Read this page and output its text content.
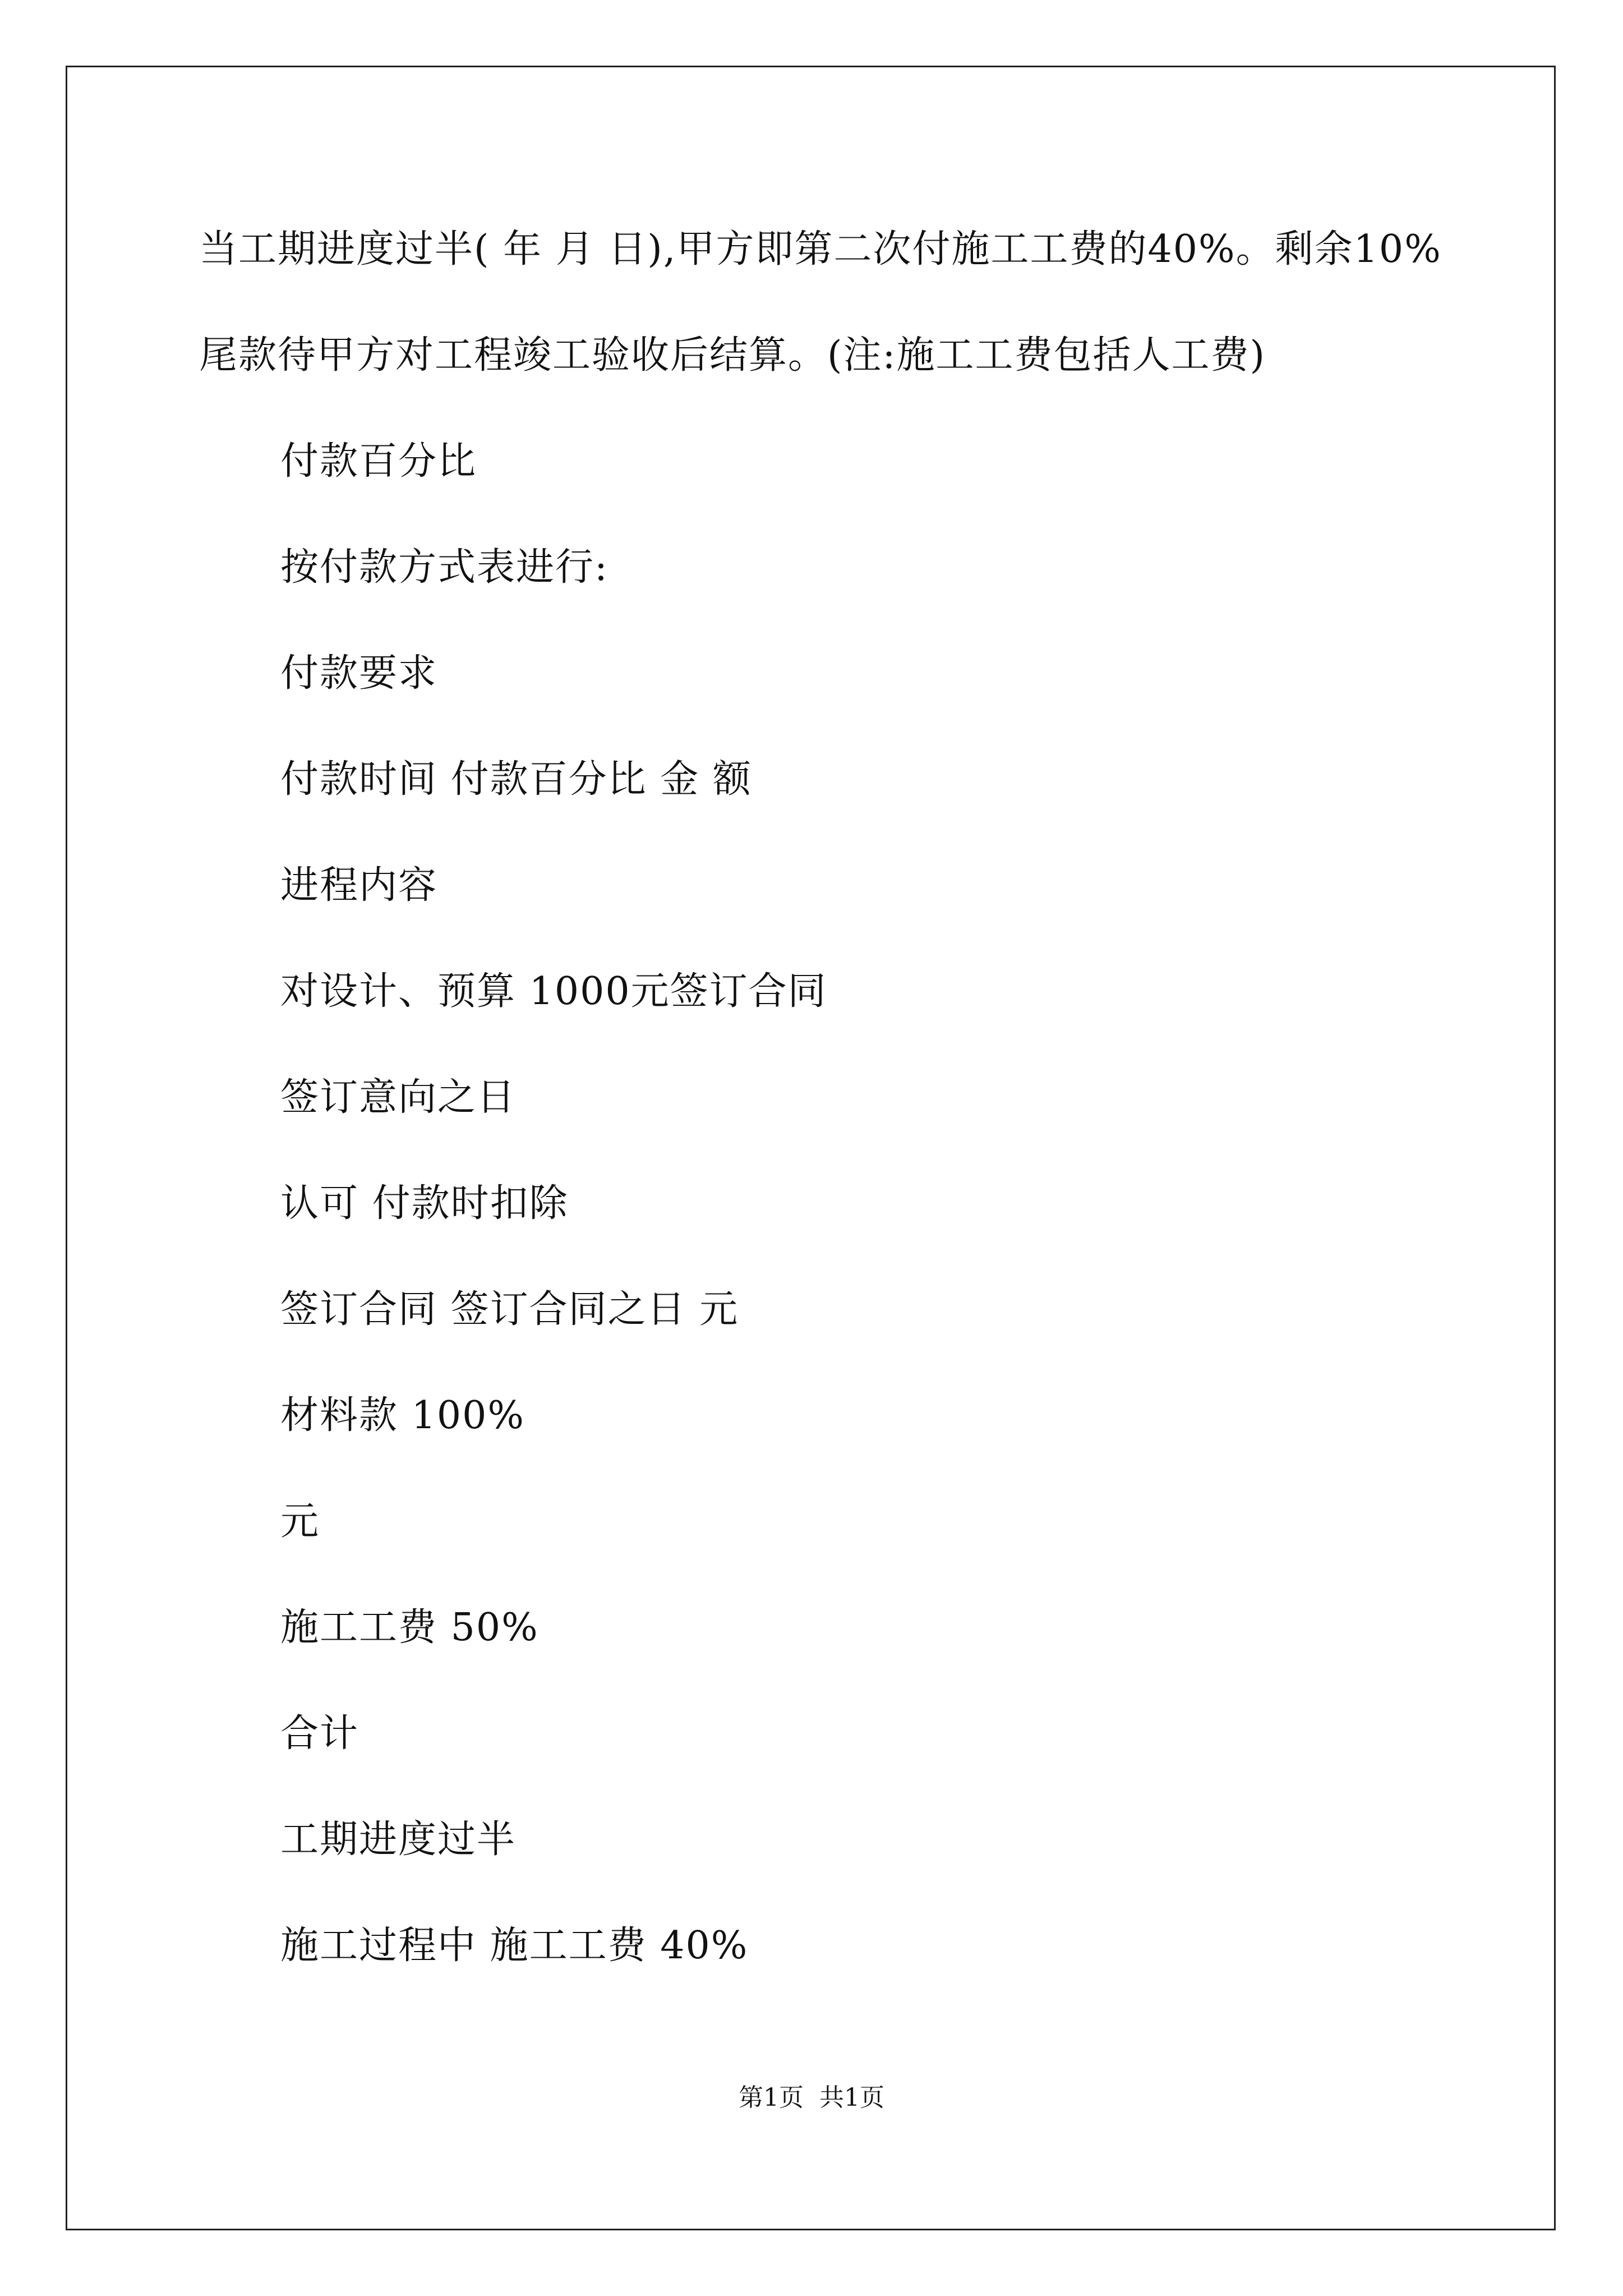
当工期进度过半( 年 月 日),甲方即第二次付施工工费的40%。剩余10%

尾款待甲方对工程竣工验收后结算。(注:施工工费包括人工费)

付款百分比

按付款方式表进行:

付款要求

付款时间 付款百分比 金 额

进程内容

对设计、预算 1000元签订合同

签订意向之日

认可 付款时扣除

签订合同 签订合同之日 元

材料款 100%

元

施工工费 50%

合计

工期进度过半

施工过程中 施工工费 40%

第1页  共1页
